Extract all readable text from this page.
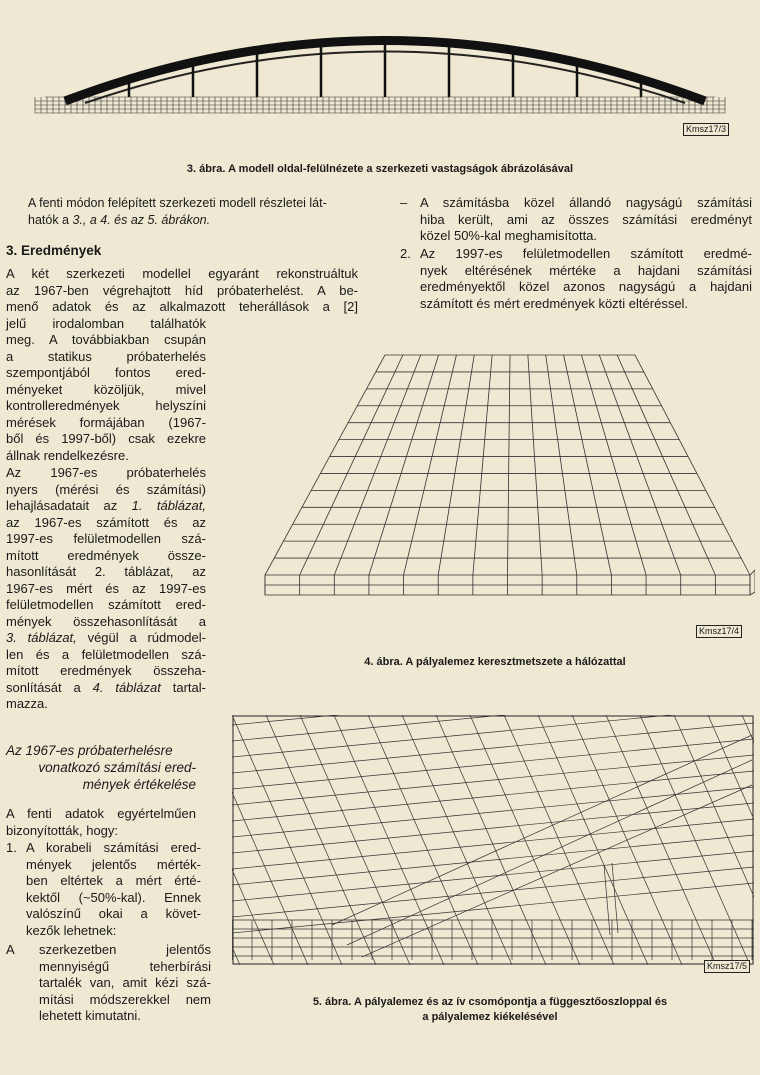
Kmsz17/3
3. ábra. A modell oldal-felülnézete a szerkezeti vastagságok ábrázolásával
A fenti módon felépített szerkezeti modell részletei lát-
hatók a 3., a 4. és az 5. ábrákon.
3. Eredmények
A két szerkezeti modellel egyaránt rekonstruáltuk
az 1967-ben végrehajtott híd próbaterhelést. A be-
menő adatok és az alkalmazott teherállások a [2]
jelű irodalomban találhatók
meg. A továbbiakban csupán
a statikus próbaterhelés
szempontjából fontos ered-
ményeket közöljük, mivel
kontrolleredmények helyszíni
mérések formájában (1967-
ből és 1997-ből) csak ezekre
állnak rendelkezésre.
Az 1967-es próbaterhelés
nyers (mérési és számítási)
lehajlásadatait az 1. táblázat,
az 1967-es számított és az
1997-es felületmodellen szá-
mított eredmények össze-
hasonlítását 2. táblázat, az
1967-es mért és az 1997-es
felületmodellen számított ered-
mények összehasonlítását a
3. táblázat, végül a rúdmodel-
len és a felületmodellen szá-
mított eredmények összeha-
sonlítását a 4. táblázat tartal-
mazza.
Az 1967-es próbaterhelésre
vonatkozó számítási ered-
mények értékelése
A fenti adatok egyértelműen
bizonyították, hogy:
1. A korabeli számítási ered-
mények jelentős mérték-
ben eltértek a mért érté-
kektől (~50%-kal). Ennek
valószínű okai a követ-
kezők lehetnek:
A szerkezetben jelentős
mennyiségű teherbírási
tartalék van, amit kézi szá-
mítási módszerekkel nem
lehetett kimutatni.
– A számításba közel állandó nagyságú számítási
hiba került, ami az összes számítási eredményt
közel 50%-kal meghamisította.
2. Az 1997-es felületmodellen számított eredmé-
nyek eltérésének mértéke a hajdani számítási
eredményektől közel azonos nagyságú a hajdani
számított és mért eredmények közti eltéréssel.
Kmsz17/4
4. ábra. A pályalemez keresztmetszete a hálózattal
Kmsz17/5
5. ábra. A pályalemez és az ív csomópontja a függesztőoszloppal és
a pályalemez kiékelésével
